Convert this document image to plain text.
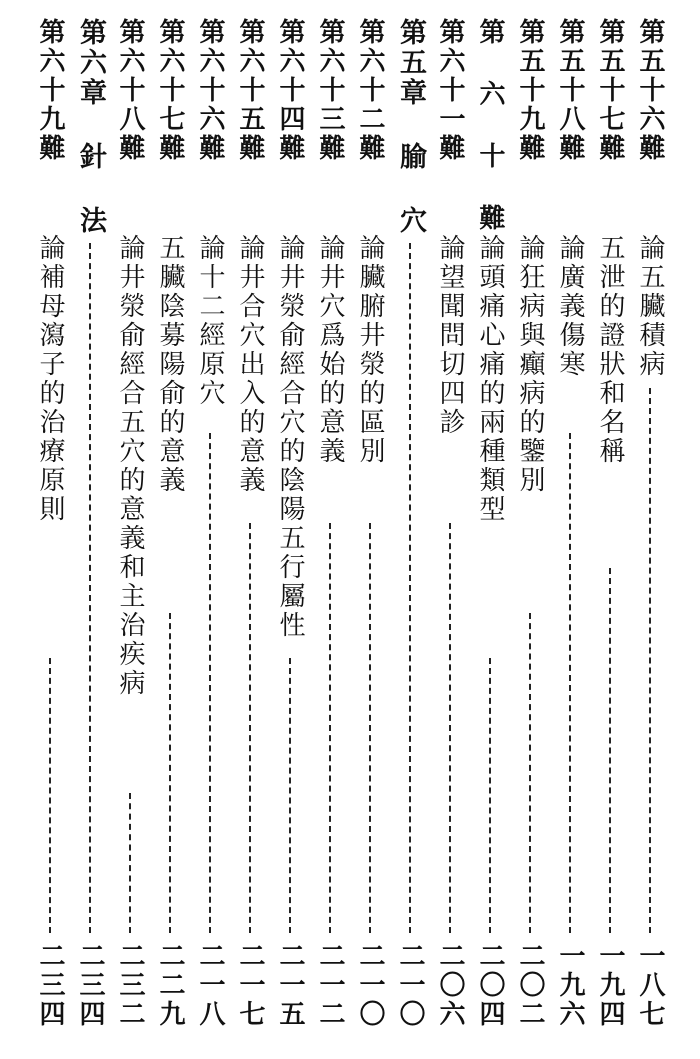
第五十六難
論五臟積病
一八七
第五十七難
五泄的證狀和名稱
一九四
第五十八難
論廣義傷寒
一九六
第五十九難
論狂病與癲病的鑒別
二〇二
第 六 十 難
論頭痛心痛的兩種類型
二〇四
第六十一難
論望聞問切四診
二〇六
第五章 腧 穴
二一〇
第六十二難
論臟腑井滎的區別
二一〇
第六十三難
論井穴爲始的意義
二一二
第六十四難
論井滎俞經合穴的陰陽五行屬性
二一五
第六十五難
論井合穴出入的意義
二一七
第六十六難
論十二經原穴
二一八
第六十七難
五臟陰募陽俞的意義
二二九
第六十八難
論井滎俞經合五穴的意義和主治疾病
二三二
第六章 針 法
二三四
第六十九難
論補母瀉子的治療原則
二三四
